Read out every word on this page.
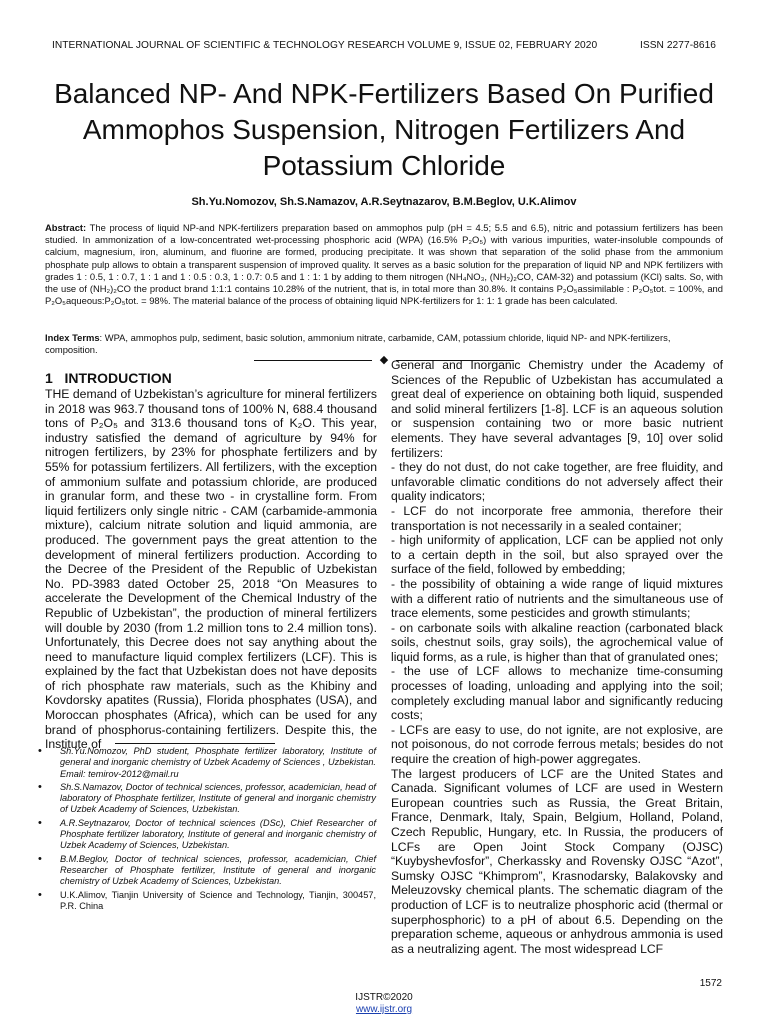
INTERNATIONAL JOURNAL OF SCIENTIFIC & TECHNOLOGY RESEARCH VOLUME 9, ISSUE 02, FEBRUARY 2020	ISSN 2277-8616
Balanced NP- And NPK-Fertilizers Based On Purified Ammophos Suspension, Nitrogen Fertilizers And Potassium Chloride
Sh.Yu.Nomozov, Sh.S.Namazov, A.R.Seytnazarov, B.M.Beglov, U.K.Alimov

Abstract: The process of liquid NP-and NPK-fertilizers preparation based on ammophos pulp (pH = 4.5; 5.5 and 6.5), nitric and potassium fertilizers has been studied. In ammonization of a low-concentrated wet-processing phosphoric acid (WPA) (16.5% P₂O₅) with various impurities, water-insoluble compounds of calcium, magnesium, iron, aluminum, and fluorine are formed, producing precipitate. It was shown that separation of the solid phase from the ammonium phosphate pulp allows to obtain a transparent suspension of improved quality. It serves as a basic solution for the preparation of liquid NP and NPK fertilizers with grades 1 : 0.5, 1 : 0.7, 1 : 1 and 1 : 0.5 : 0.3, 1 : 0.7: 0.5 and 1 : 1: 1 by adding to them nitrogen (NH₄NO₃, (NH₂)₂CO, CAM-32) and potassium (KCl) salts. So, with the use of (NH₂)₂CO the product brand 1:1:1 contains 10.28% of the nutrient, that is, in total more than 30.8%. It contains P₂O₅assimilable : P₂O₅tot. = 100%, and P₂O₅aqueous:P₂O₅tot. = 98%. The material balance of the process of obtaining liquid NPK-fertilizers for 1: 1: 1 grade has been calculated.

Index Terms: WPA, ammophos pulp, sediment, basic solution, ammonium nitrate, carbamide, CAM, potassium chloride, liquid NP- and NPK-fertilizers, composition.

◆
1 INTRODUCTION

THE demand of Uzbekistan’s agriculture for mineral fertilizers in 2018 was 963.7 thousand tons of 100% N, 688.4 thousand tons of P₂O₅ and 313.6 thousand tons of K₂O. This year, industry satisfied the demand of agriculture by 94% for nitrogen fertilizers, by 23% for phosphate fertilizers and by 55% for potassium fertilizers. All fertilizers, with the exception of ammonium sulfate and potassium chloride, are produced in granular form, and these two - in crystalline form. From liquid fertilizers only single nitric - CAM (carbamide-ammonia mixture), calcium nitrate solution and liquid ammonia, are produced. The government pays the great attention to the development of mineral fertilizers production. According to the Decree of the President of the Republic of Uzbekistan No. PD-3983 dated October 25, 2018 “On Measures to accelerate the Development of the Chemical Industry of the Republic of Uzbekistan”, the production of mineral fertilizers will double by 2030 (from 1.2 million tons to 2.4 million tons). Unfortunately, this Decree does not say anything about the need to manufacture liquid complex fertilizers (LCF). This is explained by the fact that Uzbekistan does not have deposits of rich phosphate raw materials, such as the Khibiny and Kovdorsky apatites (Russia), Florida phosphates (USA), and Moroccan phosphates (Africa), which can be used for any brand of phosphorus-containing fertilizers. Despite this, the Institute of

• Sh.Yu.Nomozov, PhD student, Phosphate fertilizer laboratory, Institute of general and inorganic chemistry of Uzbek Academy of Sciences , Uzbekistan. Email: temirov-2012@mail.ru
• Sh.S.Namazov, Doctor of technical sciences, professor, academician, head of laboratory of Phosphate fertilizer, Institute of general and inorganic chemistry of Uzbek Academy of Sciences, Uzbekistan.
• A.R.Seytnazarov, Doctor of technical sciences (DSc), Chief Researcher of Phosphate fertilizer laboratory, Institute of general and inorganic chemistry of Uzbek Academy of Sciences, Uzbekistan.
• B.M.Beglov, Doctor of technical sciences, professor, academician, Chief Researcher of Phosphate fertilizer, Institute of general and inorganic chemistry of Uzbek Academy of Sciences, Uzbekistan.
• U.K.Alimov, Tianjin University of Science and Technology, Tianjin, 300457, P.R. China

General and Inorganic Chemistry under the Academy of Sciences of the Republic of Uzbekistan has accumulated a great deal of experience on obtaining both liquid, suspended and solid mineral fertilizers [1-8]. LCF is an aqueous solution or suspension containing two or more basic nutrient elements. They have several advantages [9, 10] over solid fertilizers:

- they do not dust, do not cake together, are free fluidity, and unfavorable climatic conditions do not adversely affect their quality indicators;

- LCF do not incorporate free ammonia, therefore their transportation is not necessarily in a sealed container;

- high uniformity of application, LCF can be applied not only to a certain depth in the soil, but also sprayed over the surface of the field, followed by embedding;

- the possibility of obtaining a wide range of liquid mixtures with a different ratio of nutrients and the simultaneous use of trace elements, some pesticides and growth stimulants;

- on carbonate soils with alkaline reaction (carbonated black soils, chestnut soils, gray soils), the agrochemical value of liquid forms, as a rule, is higher than that of granulated ones;

- the use of LCF allows to mechanize time-consuming processes of loading, unloading and applying into the soil; completely excluding manual labor and significantly reducing costs;

- LCFs are easy to use, do not ignite, are not explosive, are not poisonous, do not corrode ferrous metals; besides do not require the creation of high-power aggregates.

The largest producers of LCF are the United States and Canada. Significant volumes of LCF are used in Western European countries such as Russia, the Great Britain, France, Denmark, Italy, Spain, Belgium, Holland, Poland, Czech Republic, Hungary, etc. In Russia, the producers of LCFs are Open Joint Stock Company (OJSC) “Kuybyshevfosfor”, Cherkassky and Rovensky OJSC “Azot”, Sumsky OJSC “Khimprom”, Krasnodarsky, Balakovsky and Meleuzovsky chemical plants. The schematic diagram of the production of LCF is to neutralize phosphoric acid (thermal or superphosphoric) to a pH of about 6.5. Depending on the preparation scheme, aqueous or anhydrous ammonia is used as a neutralizing agent. The most widespread LCF

1572
IJSTR©2020
www.ijstr.org
